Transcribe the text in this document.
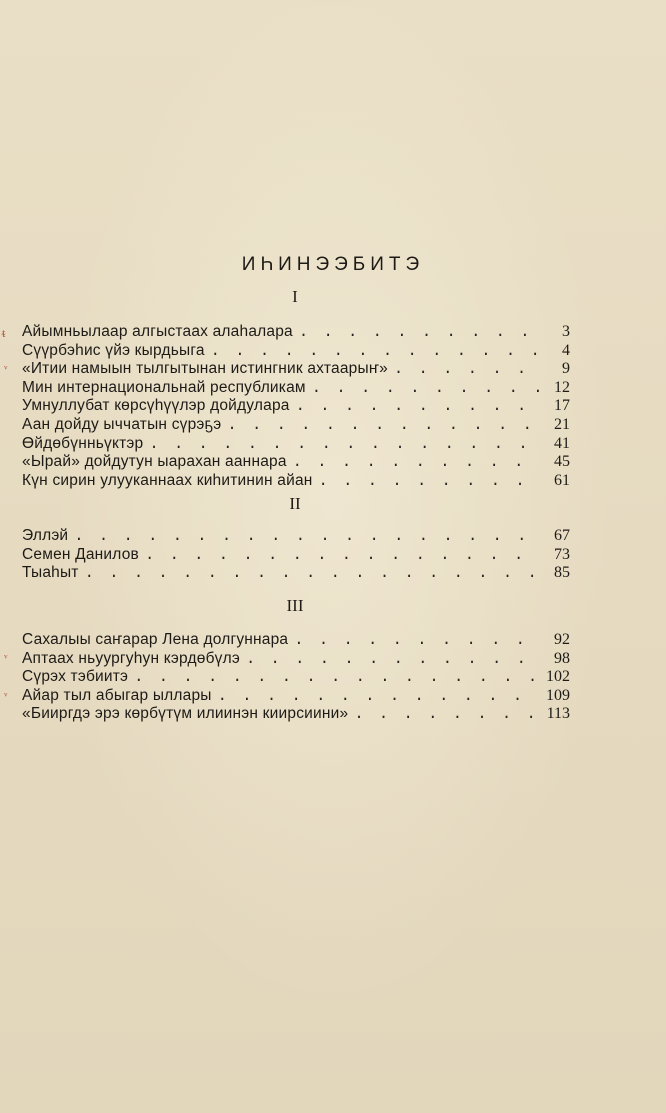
ИҺИНЭЭБИТЭ
I
Айымньылаар алгыстаах алаһалара . . .	3
Сүүрбэһис үйэ кырдьыга . . .	4
«Итии намыын тылгытынан истингник ахтаарыҥ» . . .	9
Мин интернациональнай республикам . . .	12
Умнуллубат көрсүһүүлэр дойдулара . . .	17
Аан дойду ыччатын сүрэҕэ . . .	21
Өйдөбүнньүктэр . . .	41
«Ырай» дойдутун ыарахан ааннара . . .	45
Күн сирин улууканнаах киһитинин айан . . .	61
II
Эллэй . . .	67
Семен Данилов . . .	73
Тыаһыт . . .	85
III
Сахалыы саҥарар Лена долгуннара . . .	92
Аптаах ньуургуһун кэрдөбүлэ . . .	98
Сүрэх тэбиитэ . . .	102
Айар тыл абыгар ыллары . . .	109
«Бииргдэ эрэ көрбүтүм илиинэн киирсиини» . . .	113
ᵵ
ᵛ
ᵛ
ᵛ
